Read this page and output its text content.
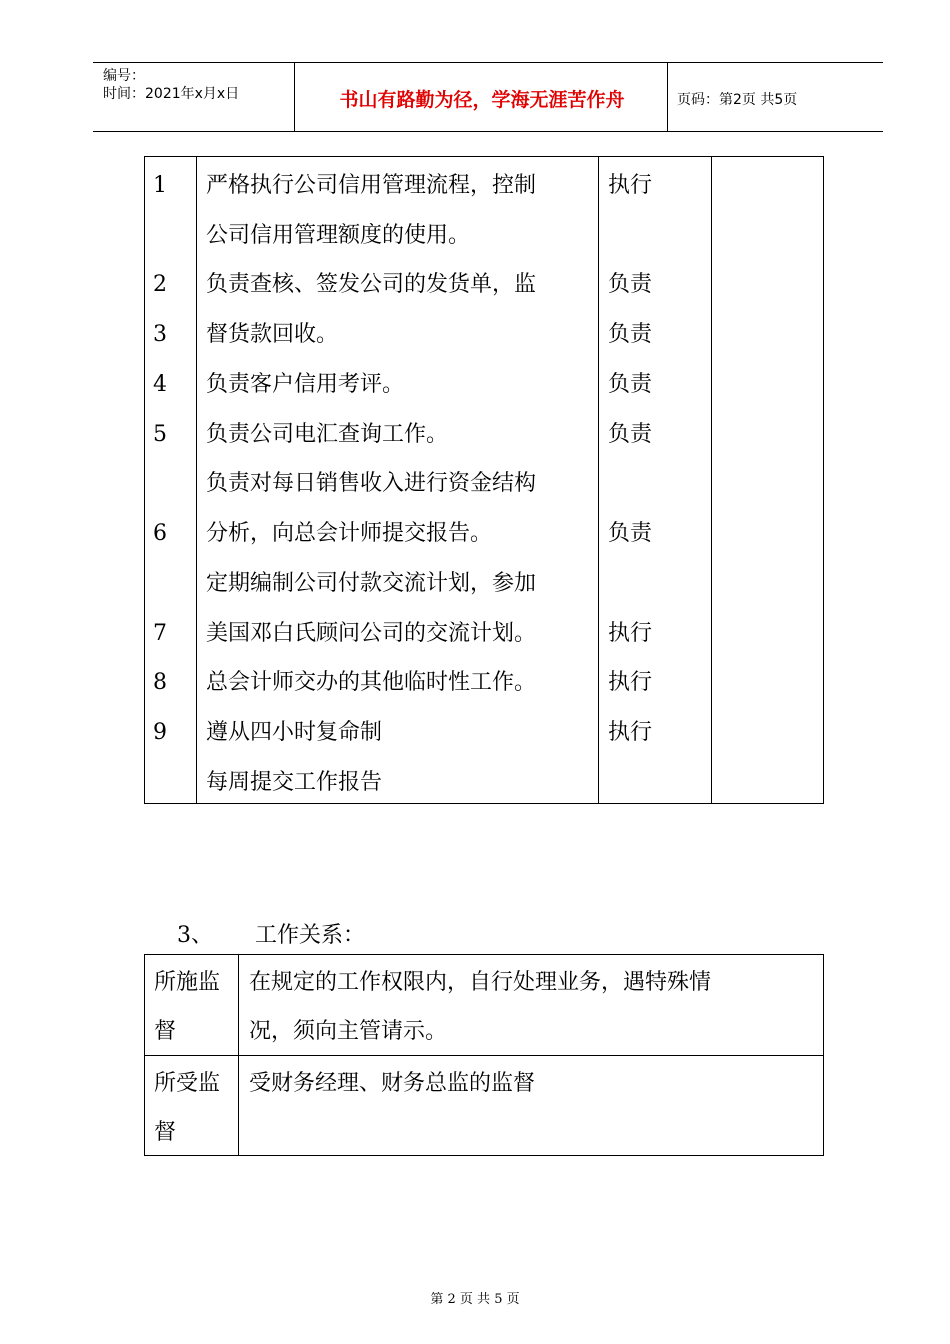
编号：
时间：2021年x月x日	书山有路勤为径，学海无涯苦作舟	页码：第2页 共5页
1
2
3
4
5
6
7
8
9
严格执行公司信用管理流程，控制
公司信用管理额度的使用。
负责查核、签发公司的发货单，监
督货款回收。
负责客户信用考评。
负责公司电汇查询工作。
负责对每日销售收入进行资金结构
分析，向总会计师提交报告。
定期编制公司付款交流计划，参加
美国邓白氏顾问公司的交流计划。
总会计师交办的其他临时性工作。
遵从四小时复命制
每周提交工作报告
执行
负责
负责
负责
负责
负责
执行
执行
执行
3、 工作关系：
所施监
督
在规定的工作权限内，自行处理业务，遇特殊情
况，须向主管请示。
所受监
督
受财务经理、财务总监的监督
第 2 页 共 5 页
